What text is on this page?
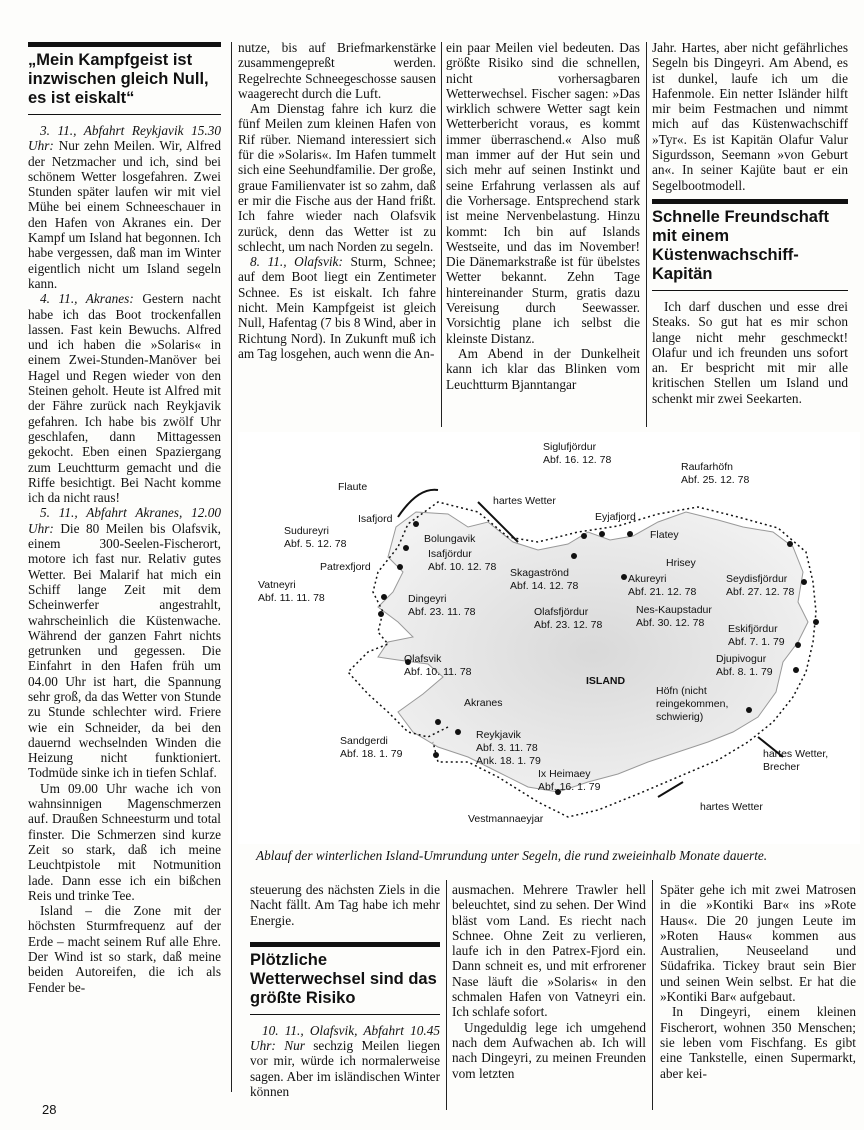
„Mein Kampfgeist ist inzwischen gleich Null, es ist eiskalt“

3. 11., Abfahrt Reykjavik 15.30 Uhr: Nur zehn Meilen. Wir, Alfred der Netzmacher und ich, sind bei schönem Wetter losgefahren. Zwei Stunden später laufen wir mit viel Mühe bei einem Schneeschauer in den Hafen von Akranes ein. Der Kampf um Island hat begonnen. Ich habe vergessen, daß man im Winter eigentlich nicht um Island segeln kann.

4. 11., Akranes: Gestern nacht habe ich das Boot trockenfallen lassen. Fast kein Bewuchs. Alfred und ich haben die »Solaris« in einem Zwei-Stunden-Manöver bei Hagel und Regen wieder von den Steinen geholt. Heute ist Alfred mit der Fähre zurück nach Reykjavik gefahren. Ich habe bis zwölf Uhr geschlafen, dann Mittagessen gekocht. Eben einen Spaziergang zum Leuchtturm gemacht und die Riffe besichtigt. Bei Nacht komme ich da nicht raus!

5. 11., Abfahrt Akranes, 12.00 Uhr: Die 80 Meilen bis Olafsvik, einem 300-Seelen-Fischerort, motore ich fast nur. Relativ gutes Wetter. Bei Malarif hat mich ein Schiff lange Zeit mit dem Scheinwerfer angestrahlt, wahrscheinlich die Küstenwache. Während der ganzen Fahrt nichts getrunken und gegessen. Die Einfahrt in den Hafen früh um 04.00 Uhr ist hart, die Spannung sehr groß, da das Wetter von Stunde zu Stunde schlechter wird. Friere wie ein Schneider, da bei den dauernd wechselnden Winden die Heizung nicht funktioniert. Todmüde sinke ich in tiefen Schlaf.

Um 09.00 Uhr wache ich von wahnsinnigen Magenschmerzen auf. Draußen Schneesturm und total finster. Die Schmerzen sind kurze Zeit so stark, daß ich meine Leuchtpistole mit Notmunition lade. Dann esse ich ein bißchen Reis und trinke Tee.

Island – die Zone mit der höchsten Sturmfrequenz auf der Erde – macht seinem Ruf alle Ehre. Der Wind ist so stark, daß meine beiden Autoreifen, die ich als Fender be-

nutze, bis auf Briefmarkenstärke zusammengepreßt werden. Regelrechte Schneegeschosse sausen waagerecht durch die Luft.

Am Dienstag fahre ich kurz die fünf Meilen zum kleinen Hafen von Rif rüber. Niemand interessiert sich für die »Solaris«. Im Hafen tummelt sich eine Seehundfamilie. Der große, graue Familienvater ist so zahm, daß er mir die Fische aus der Hand frißt. Ich fahre wieder nach Olafsvik zurück, denn das Wetter ist zu schlecht, um nach Norden zu segeln.

8. 11., Olafsvik: Sturm, Schnee; auf dem Boot liegt ein Zentimeter Schnee. Es ist eiskalt. Ich fahre nicht. Mein Kampfgeist ist gleich Null, Hafentag (7 bis 8 Wind, aber in Richtung Nord). In Zukunft muß ich am Tag losgehen, auch wenn die An-

ein paar Meilen viel bedeuten. Das größte Risiko sind die schnellen, nicht vorhersagbaren Wetterwechsel. Fischer sagen: »Das wirklich schwere Wetter sagt kein Wetterbericht voraus, es kommt immer überraschend.« Also muß man immer auf der Hut sein und sich mehr auf seinen Instinkt und seine Erfahrung verlassen als auf die Vorhersage. Entsprechend stark ist meine Nervenbelastung. Hinzu kommt: Ich bin auf Islands Westseite, und das im November! Die Dänemarkstraße ist für übelstes Wetter bekannt. Zehn Tage hintereinander Sturm, gratis dazu Vereisung durch Seewasser. Vorsichtig plane ich selbst die kleinste Distanz.

Am Abend in der Dunkelheit kann ich klar das Blinken vom Leuchtturm Bjanntangar

Jahr. Hartes, aber nicht gefährliches Segeln bis Dingeyri. Am Abend, es ist dunkel, laufe ich um die Hafenmole. Ein netter Isländer hilft mir beim Festmachen und nimmt mich auf das Küstenwachschiff »Tyr«. Es ist Kapitän Olafur Valur Sigurdsson, Seemann »von Geburt an«. In seiner Kajüte baut er ein Segelbootmodell.

Schnelle Freundschaft mit einem Küstenwachschiff-Kapitän

Ich darf duschen und esse drei Steaks. So gut hat es mir schon lange nicht mehr geschmeckt! Olafur und ich freunden uns sofort an. Er bespricht mit mir alle kritischen Stellen um Island und schenkt mir zwei Seekarten.

Flaute
hartes Wetter
hartes Wetter,
Brecher
hartes Wetter
ISLAND
Siglufjördur
Abf. 16. 12. 78
Raufarhöfn
Abf. 25. 12. 78
Isafjord
Bolungavik
Eyjafjord
Flatey
Sudureyri
Abf. 5. 12. 78
Isafjördur
Abf. 10. 12. 78	Hrisey
Patrexfjord	Skagaströnd
Abf. 14. 12. 78
Akureyri
Abf. 21. 12. 78
Seydisfjördur
Abf. 27. 12. 78
Vatneyri
Abf. 11. 11. 78	Dingeyri
Abf. 23. 11. 78	Olafsfjördur
Abf. 23. 12. 78
Nes-Kaupstadur
Abf. 30. 12. 78 Eskifjördur
Abf. 7. 1. 79
Olafsvik
Abf. 10. 11. 78
Djupivogur
Abf. 8. 1. 79
Höfn (nicht
reingekommen,
schwierig)
Akranes
Sandgerdi
Abf. 18. 1. 79
Reykjavik
Abf. 3. 11. 78
Ank. 18. 1. 79
Ix Heimaey
Abf. 16. 1. 79
Vestmannaeyjar
Ablauf der winterlichen Island-Umrundung unter Segeln, die rund zweieinhalb Monate dauerte.

steuerung des nächsten Ziels in die Nacht fällt. Am Tag habe ich mehr Energie.

Plötzliche Wetterwechsel sind das größte Risiko

10. 11., Olafsvik, Abfahrt 10.45 Uhr: Nur sechzig Meilen liegen vor mir, würde ich normalerweise sagen. Aber im isländischen Winter können

ausmachen. Mehrere Trawler hell beleuchtet, sind zu sehen. Der Wind bläst vom Land. Es riecht nach Schnee. Ohne Zeit zu verlieren, laufe ich in den Patrex-Fjord ein. Dann schneit es, und mit erfrorener Nase läuft die »Solaris« in den schmalen Hafen von Vatneyri ein. Ich schlafe sofort.

Ungeduldig lege ich umgehend nach dem Aufwachen ab. Ich will nach Dingeyri, zu meinen Freunden vom letzten

Später gehe ich mit zwei Matrosen in die »Kontiki Bar« ins »Rote Haus«. Die 20 jungen Leute im »Roten Haus« kommen aus Australien, Neuseeland und Südafrika. Tickey braut sein Bier und seinen Wein selbst. Er hat die »Kontiki Bar« aufgebaut.

In Dingeyri, einem kleinen Fischerort, wohnen 350 Menschen; sie leben vom Fischfang. Es gibt eine Tankstelle, einen Supermarkt, aber kei-

28
